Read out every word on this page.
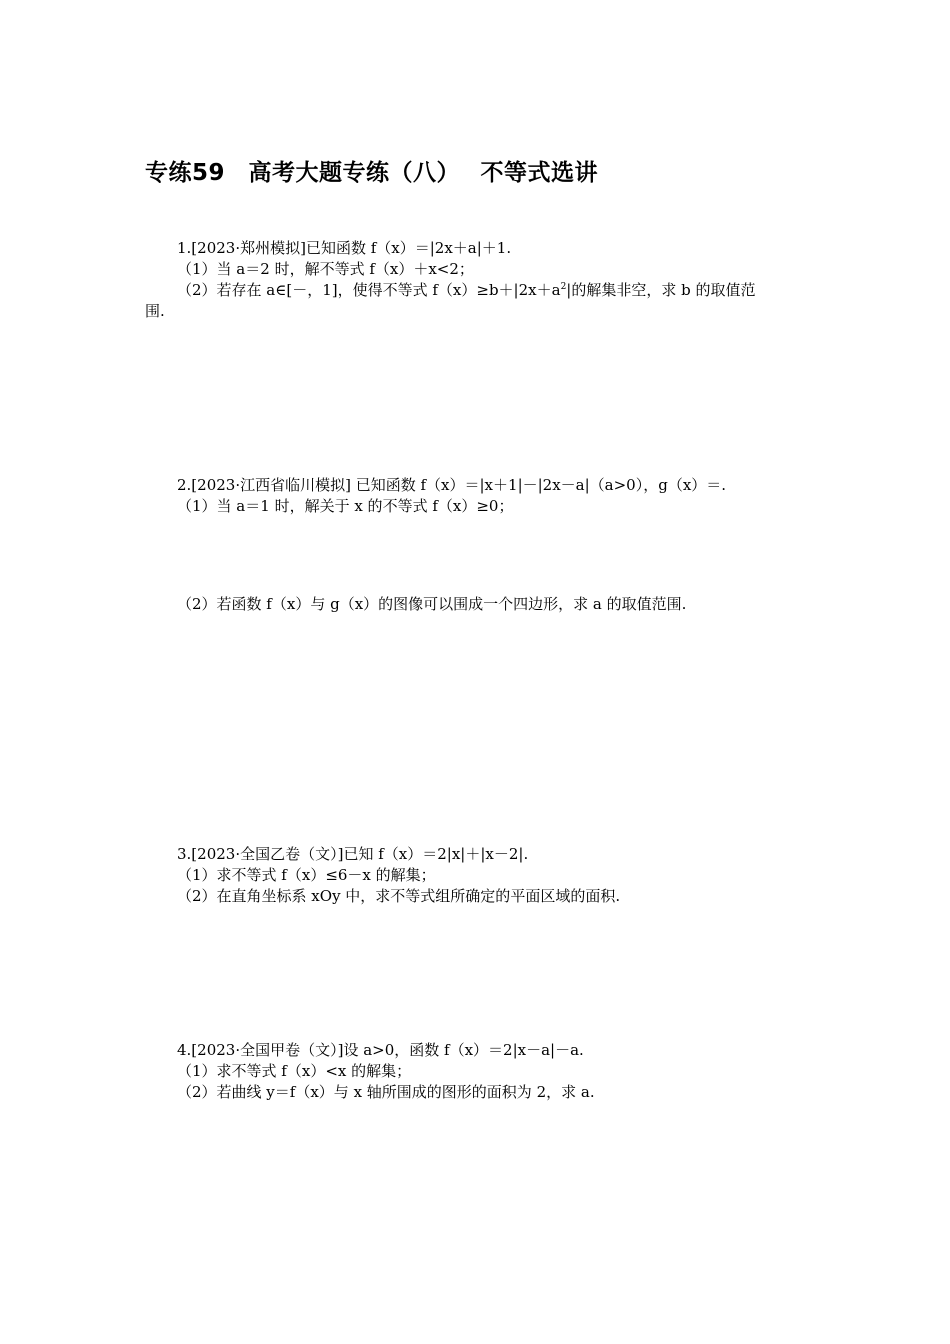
专练59　高考大题专练（八）　 不等式选讲

1.[2023·郑州模拟]已知函数 f（x）＝|2x＋a|＋1.

（1）当 a＝2 时，解不等式 f（x）＋x<2；

（2）若存在 a∈[－，1]，使得不等式 $f(x)\ge b+|2x+a^2|$的解集非空，求 b 的取值范

围.

2.[2023·江西省临川模拟] 已知函数 f（x）＝|x＋1|－|2x－a|（a>0），g（x）＝.

（1）当 a＝1 时，解关于 x 的不等式 f（x）≥0；

（2）若函数 f（x）与 g（x）的图像可以围成一个四边形，求 a 的取值范围.

3.[2023·全国乙卷（文）]已知 f（x）＝2|x|＋|x－2|.

（1）求不等式 f（x）≤6－x 的解集；

（2）在直角坐标系 xOy 中，求不等式组所确定的平面区域的面积.

4.[2023·全国甲卷（文）]设 a>0，函数 f（x）＝2|x－a|－a.

（1）求不等式 f（x）<x 的解集；

（2）若曲线 y＝f（x）与 x 轴所围成的图形的面积为 2，求 a.
